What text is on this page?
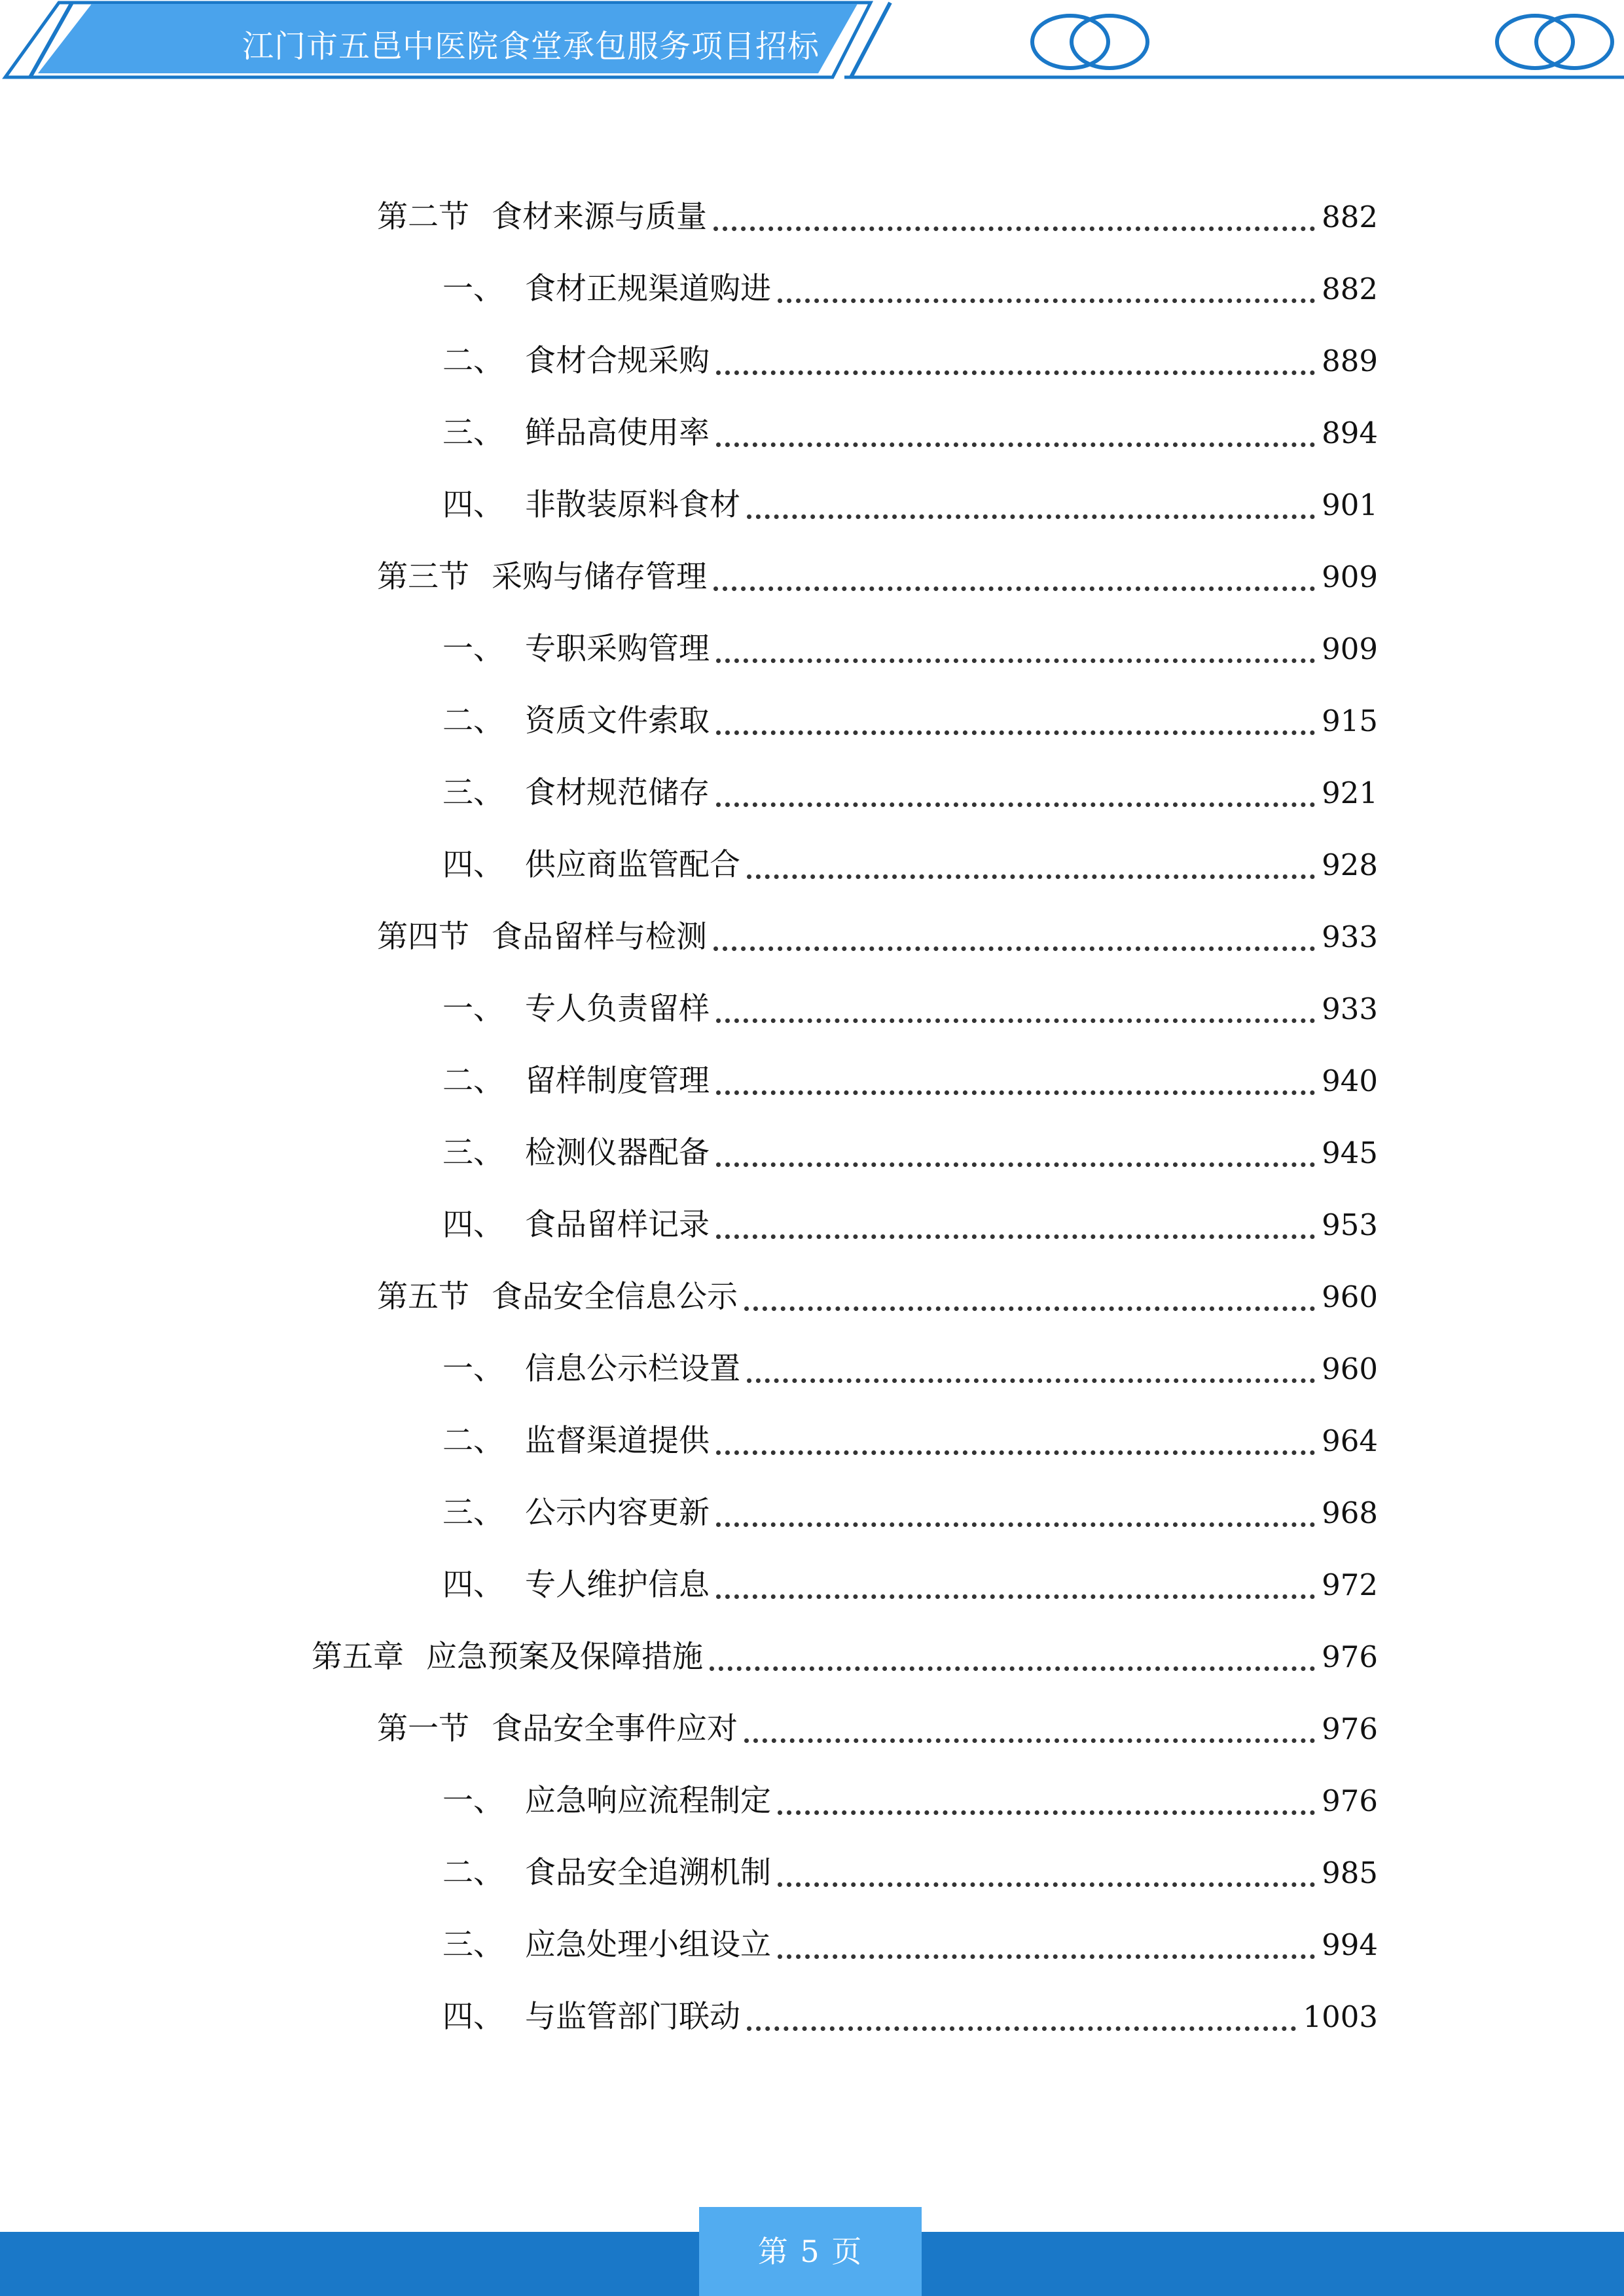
江门市五邑中医院食堂承包服务项目招标
第二节 食材来源与质量	882
一、 食材正规渠道购进	882
二、 食材合规采购	889
三、 鲜品高使用率	894
四、 非散装原料食材	901
第三节 采购与储存管理	909
一、 专职采购管理	909
二、 资质文件索取	915
三、 食材规范储存	921
四、 供应商监管配合	928
第四节 食品留样与检测	933
一、 专人负责留样	933
二、 留样制度管理	940
三、 检测仪器配备	945
四、 食品留样记录	953
第五节 食品安全信息公示	960
一、 信息公示栏设置	960
二、 监督渠道提供	964
三、 公示内容更新	968
四、 专人维护信息	972
第五章 应急预案及保障措施	976
第一节 食品安全事件应对	976
一、 应急响应流程制定	976
二、 食品安全追溯机制	985
三、 应急处理小组设立	994
四、 与监管部门联动	1003
第 5 页
